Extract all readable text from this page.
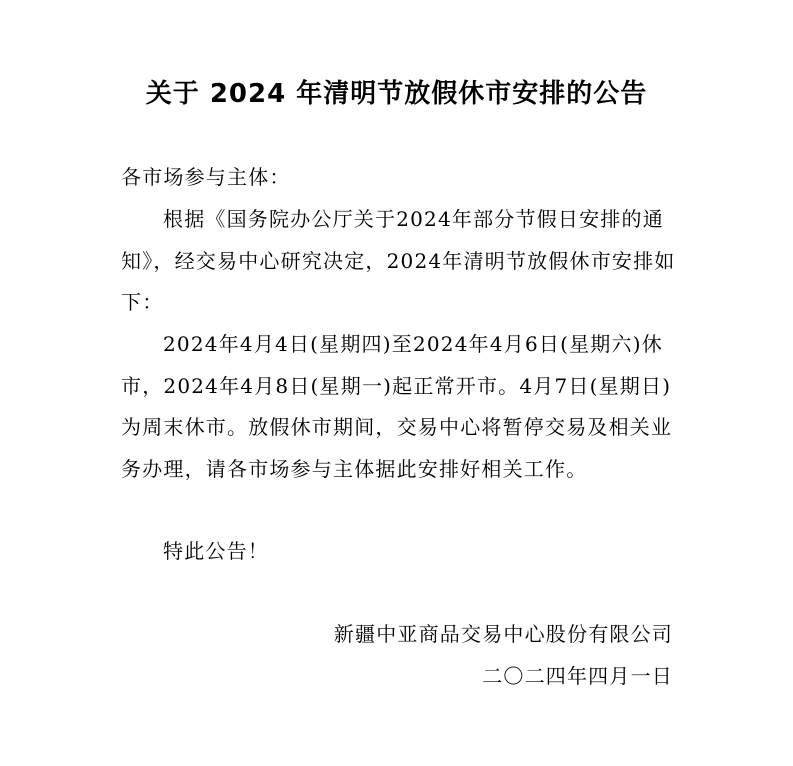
关于 2024 年清明节放假休市安排的公告

各市场参与主体：

根据《国务院办公厅关于2024年部分节假日安排的通知》，经交易中心研究决定，2024年清明节放假休市安排如下：

2024年4月4日(星期四)至2024年4月6日(星期六)休市，2024年4月8日(星期一)起正常开市。4月7日(星期日)为周末休市。放假休市期间，交易中心将暂停交易及相关业务办理，请各市场参与主体据此安排好相关工作。

特此公告！

新疆中亚商品交易中心股份有限公司

二〇二四年四月一日
